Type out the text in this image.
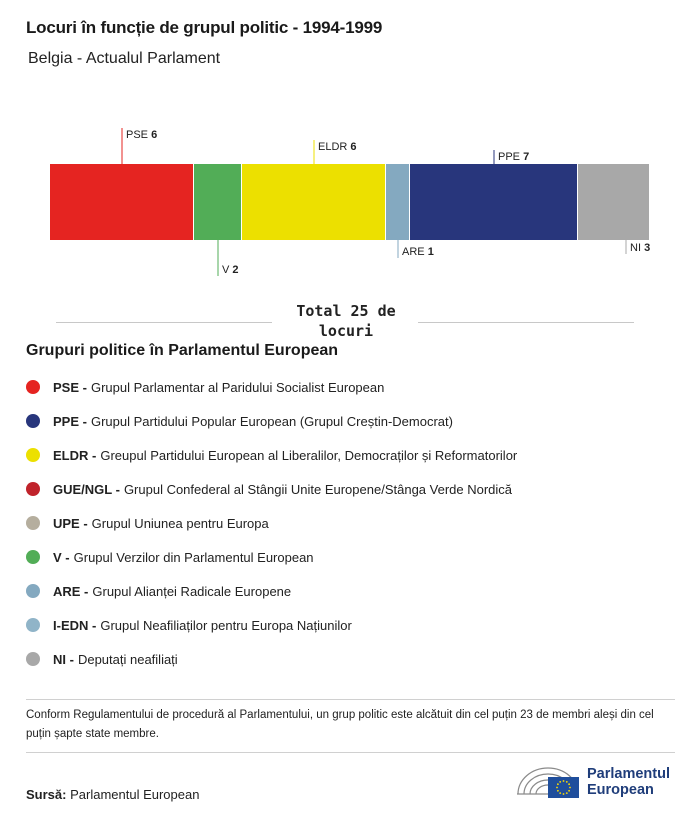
Locuri în funcție de grupul politic - 1994-1999
Belgia - Actualul Parlament
PSE 6
V 2
ELDR 6
ARE 1
PPE 7
NI 3
Total 25 de locuri
Grupuri politice în Parlamentul European
PSE - Grupul Parlamentar al Paridului Socialist European
PPE - Grupul Partidului Popular European (Grupul Creștin-Democrat)
ELDR - Greupul Partidului European al Liberalilor, Democraților și Reformatorilor
GUE/NGL - Grupul Confederal al Stângii Unite Europene/Stânga Verde Nordică
UPE - Grupul Uniunea pentru Europa
V - Grupul Verzilor din Parlamentul European
ARE - Grupul Alianței Radicale Europene
I-EDN - Grupul Neafiliaților pentru Europa Națiunilor
NI - Deputați neafiliați
Conform Regulamentului de procedură al Parlamentului, un grup politic este alcătuit din cel puțin 23 de membri aleși din cel puțin șapte state membre.
Sursă: Parlamentul European
Parlamentul
European
